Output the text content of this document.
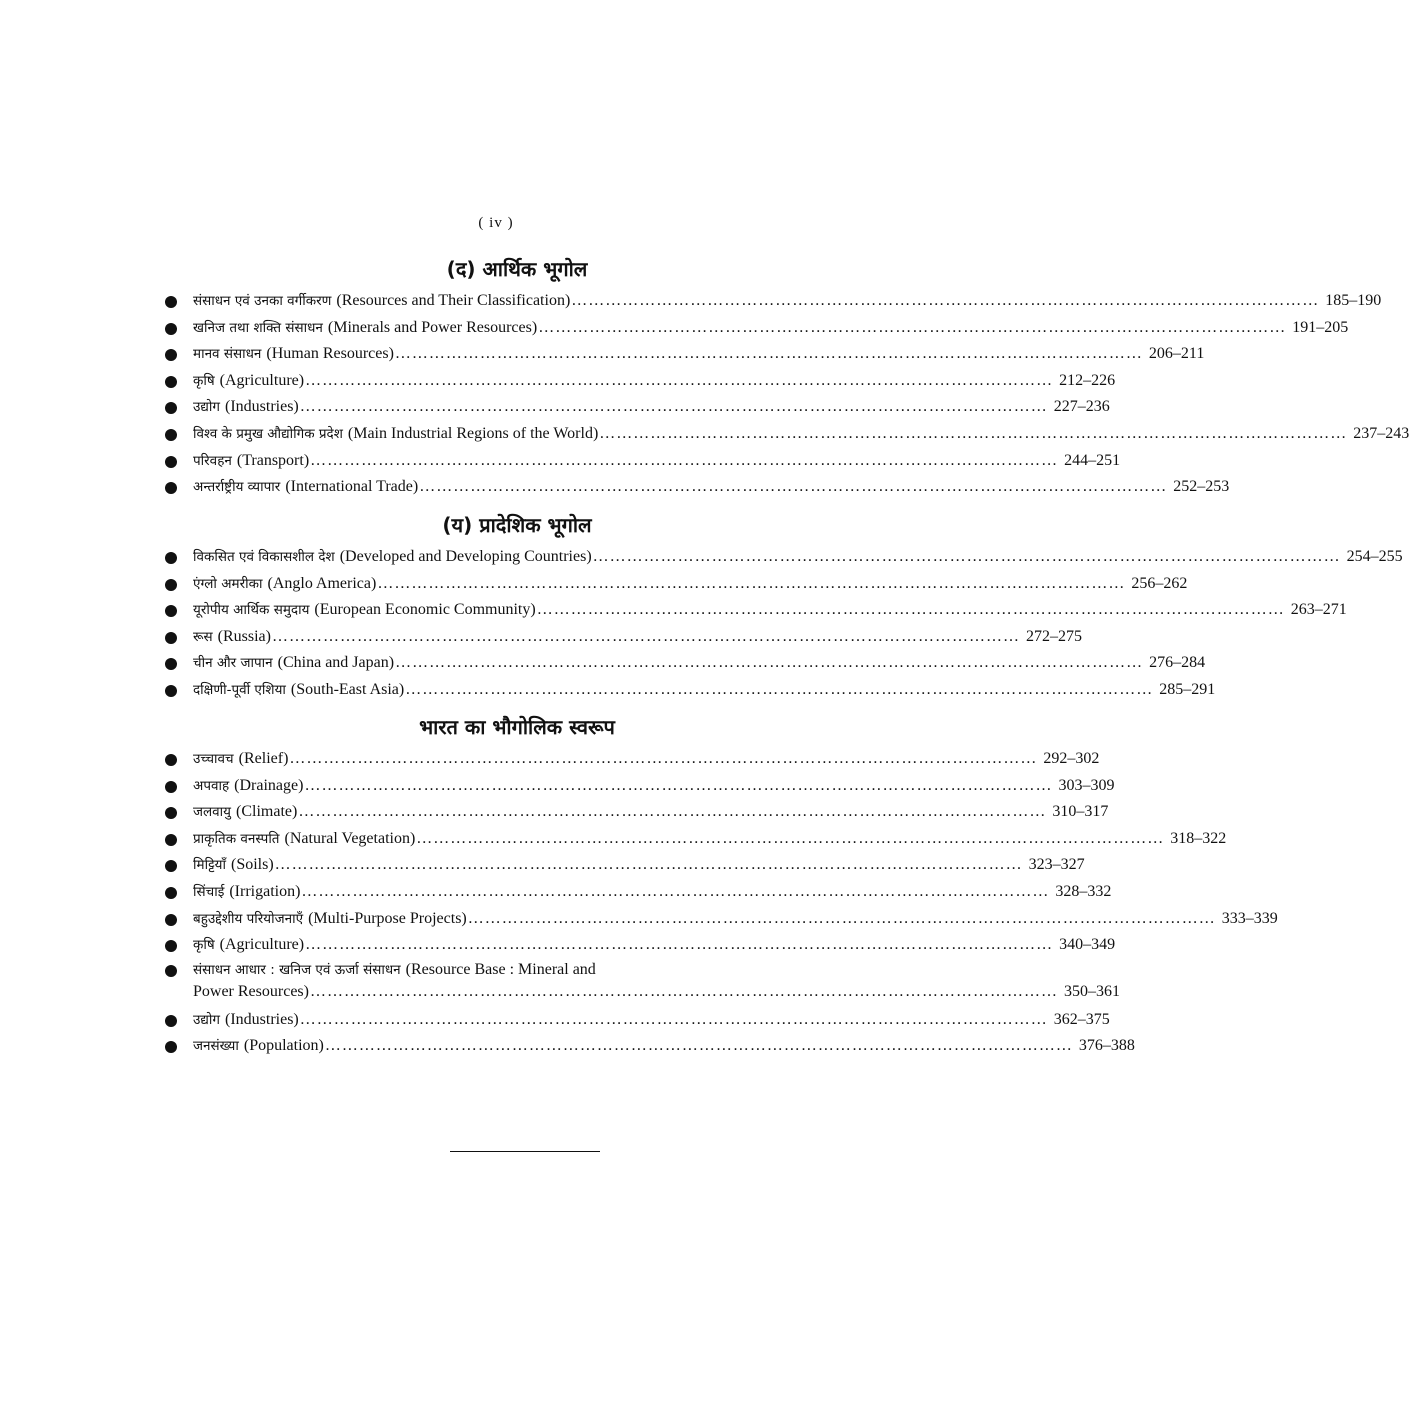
( iv )
(द) आर्थिक भूगोल
संसाधन एवं उनका वर्गीकरण (Resources and Their Classification) …………………………………………………………………………………………………………………… 185–190
खनिज तथा शक्ति संसाधन (Minerals and Power Resources) …………………………………………………………………………………………………………………… 191–205
मानव संसाधन (Human Resources) …………………………………………………………………………………………………………………… 206–211
कृषि (Agriculture) …………………………………………………………………………………………………………………… 212–226
उद्योग (Industries) …………………………………………………………………………………………………………………… 227–236
विश्व के प्रमुख औद्योगिक प्रदेश (Main Industrial Regions of the World) …………………………………………………………………………………………………………………… 237–243
परिवहन (Transport) …………………………………………………………………………………………………………………… 244–251
अन्तर्राष्ट्रीय व्यापार (International Trade) …………………………………………………………………………………………………………………… 252–253
(य) प्रादेशिक भूगोल
विकसित एवं विकासशील देश (Developed and Developing Countries) …………………………………………………………………………………………………………………… 254–255
एंग्लो अमरीका (Anglo America) …………………………………………………………………………………………………………………… 256–262
यूरोपीय आर्थिक समुदाय (European Economic Community) …………………………………………………………………………………………………………………… 263–271
रूस (Russia) …………………………………………………………………………………………………………………… 272–275
चीन और जापान (China and Japan) …………………………………………………………………………………………………………………… 276–284
दक्षिणी-पूर्वी एशिया (South-East Asia) …………………………………………………………………………………………………………………… 285–291
भारत का भौगोलिक स्वरूप
उच्चावच (Relief) …………………………………………………………………………………………………………………… 292–302
अपवाह (Drainage) …………………………………………………………………………………………………………………… 303–309
जलवायु (Climate) …………………………………………………………………………………………………………………… 310–317
प्राकृतिक वनस्पति (Natural Vegetation) …………………………………………………………………………………………………………………… 318–322
मिट्टियाँ (Soils) …………………………………………………………………………………………………………………… 323–327
सिंचाई (Irrigation) …………………………………………………………………………………………………………………… 328–332
बहुउद्देशीय परियोजनाएँ (Multi-Purpose Projects) …………………………………………………………………………………………………………………… 333–339
कृषि (Agriculture) …………………………………………………………………………………………………………………… 340–349
संसाधन आधार : खनिज एवं ऊर्जा संसाधन (Resource Base : Mineral and
Power Resources) …………………………………………………………………………………………………………………… 350–361
उद्योग (Industries) …………………………………………………………………………………………………………………… 362–375
जनसंख्या (Population) …………………………………………………………………………………………………………………… 376–388
